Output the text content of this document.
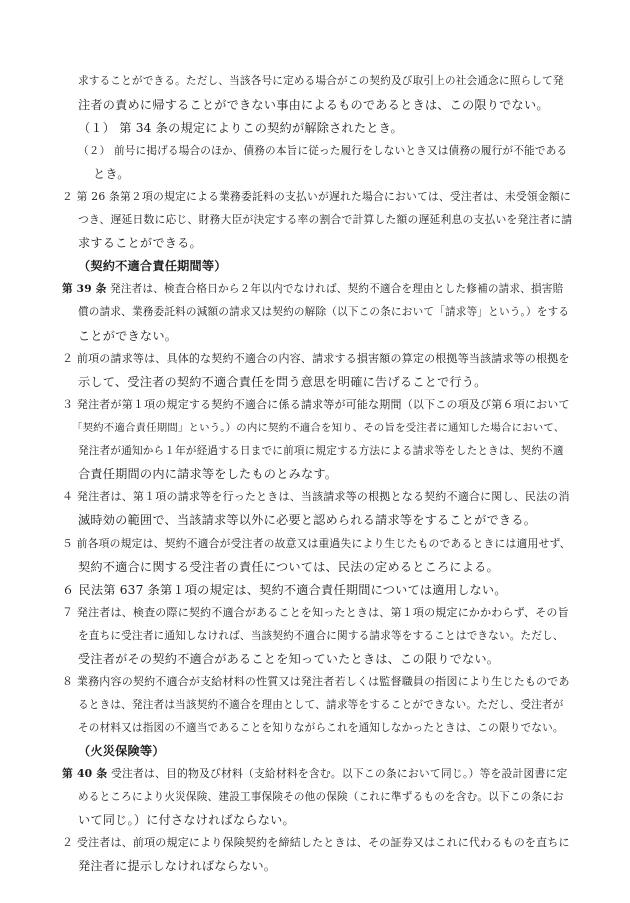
求することができる。ただし、当該各号に定める場合がこの契約及び取引上の社会通念に照らして発
注者の責めに帰することができない事由によるものであるときは、この限りでない。
（１） 第 34 条の規定によりこの契約が解除されたとき。
（２） 前号に掲げる場合のほか、債務の本旨に従った履行をしないとき又は債務の履行が不能である
とき。
２ 第 26 条第２項の規定による業務委託料の支払いが遅れた場合においては、受注者は、未受領金額に
つき、遅延日数に応じ、財務大臣が決定する率の割合で計算した額の遅延利息の支払いを発注者に請
求することができる。
（契約不適合責任期間等）
第 39 条 発注者は、検査合格日から２年以内でなければ、契約不適合を理由とした修補の請求、損害賠
償の請求、業務委託料の減額の請求又は契約の解除（以下この条において「請求等」という。）をする
ことができない。
２ 前項の請求等は、具体的な契約不適合の内容、請求する損害額の算定の根拠等当該請求等の根拠を
示して、受注者の契約不適合責任を問う意思を明確に告げることで行う。
３ 発注者が第１項の規定する契約不適合に係る請求等が可能な期間（以下この項及び第６項において
「契約不適合責任期間」という。）の内に契約不適合を知り、その旨を受注者に通知した場合において、
発注者が通知から１年が経過する日までに前項に規定する方法による請求等をしたときは、契約不適
合責任期間の内に請求等をしたものとみなす。
４ 発注者は、第１項の請求等を行ったときは、当該請求等の根拠となる契約不適合に関し、民法の消
滅時効の範囲で、当該請求等以外に必要と認められる請求等をすることができる。
５ 前各項の規定は、契約不適合が受注者の故意又は重過失により生じたものであるときには適用せず、
契約不適合に関する受注者の責任については、民法の定めるところによる。
６ 民法第 637 条第１項の規定は、契約不適合責任期間については適用しない。
７ 発注者は、検査の際に契約不適合があることを知ったときは、第１項の規定にかかわらず、その旨
を直ちに受注者に通知しなければ、当該契約不適合に関する請求等をすることはできない。ただし、
受注者がその契約不適合があることを知っていたときは、この限りでない。
８ 業務内容の契約不適合が支給材料の性質又は発注者若しくは監督職員の指図により生じたものであ
るときは、発注者は当該契約不適合を理由として、請求等をすることができない。ただし、受注者が
その材料又は指図の不適当であることを知りながらこれを通知しなかったときは、この限りでない。
（火災保険等）
第 40 条 受注者は、目的物及び材料（支給材料を含む。以下この条において同じ。）等を設計図書に定
めるところにより火災保険、建設工事保険その他の保険（これに準ずるものを含む。以下この条にお
いて同じ。）に付さなければならない。
２ 受注者は、前項の規定により保険契約を締結したときは、その証券又はこれに代わるものを直ちに
発注者に提示しなければならない。
